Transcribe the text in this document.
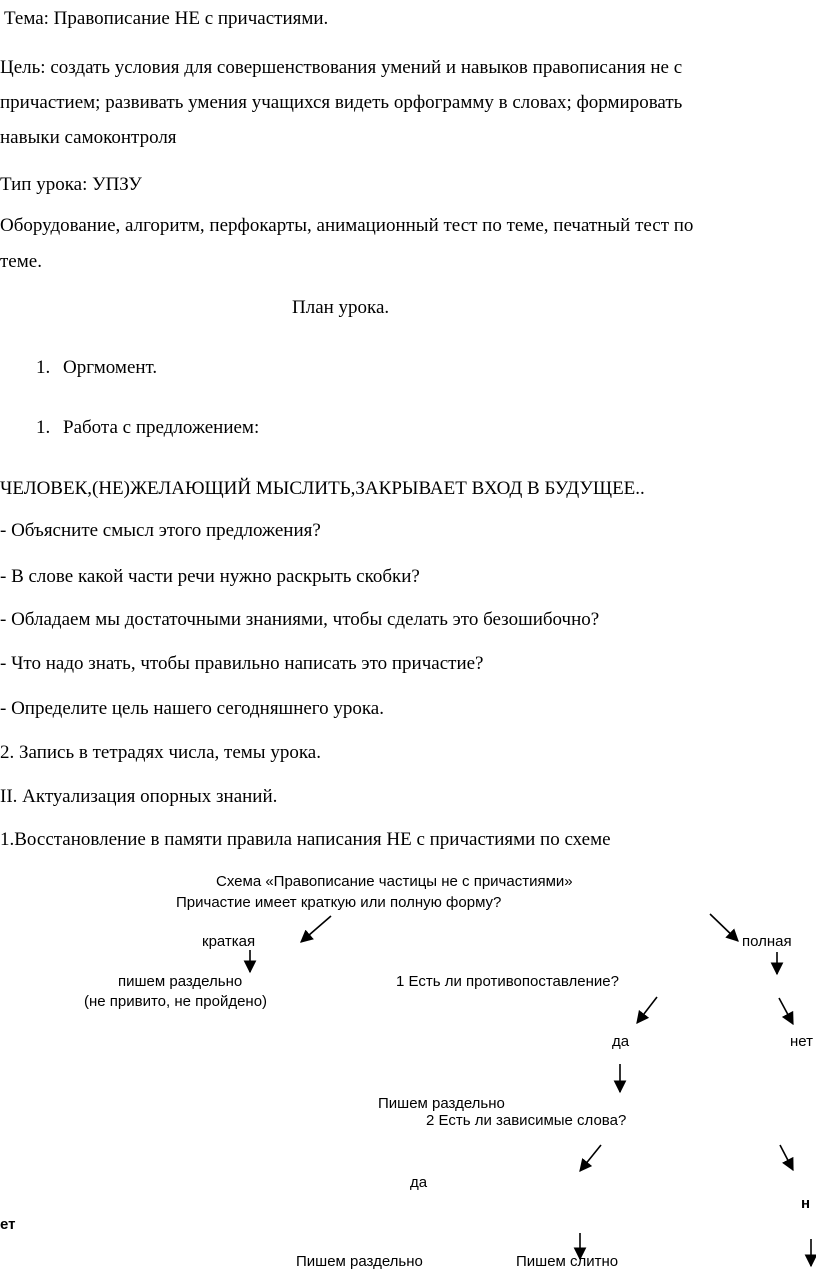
Тема: Правописание НЕ с причастиями.
Цель: создать условия для совершенствования умений и навыков правописания не с
причастием; развивать умения учащихся видеть орфограмму в словах; формировать
навыки самоконтроля
Тип урока: УПЗУ
Оборудование, алгоритм, перфокарты, анимационный тест по теме, печатный тест по
теме.
План урока.
1. Оргмомент.
1. Работа с предложением:
ЧЕЛОВЕК,(НЕ)ЖЕЛАЮЩИЙ МЫСЛИТЬ,ЗАКРЫВАЕТ ВХОД В БУДУЩЕЕ..
- Объясните смысл этого предложения?
- В слове какой части речи нужно раскрыть скобки?
- Обладаем мы достаточными знаниями, чтобы сделать это безошибочно?
- Что надо знать, чтобы правильно написать это причастие?
- Определите цель нашего сегодняшнего урока.
2. Запись в тетрадях числа, темы урока.
II. Актуализация опорных знаний.
1.Восстановление в памяти правила написания НЕ с причастиями по схеме
Схема «Правописание частицы не с причастиями»
Причастие имеет краткую или полную форму?
краткая	полная
пишем раздельно
(не привито, не пройдено)
1 Есть ли противопоставление?
да	нет
Пишем раздельно
2 Есть ли зависимые слова?
да
н
ет
Пишем раздельно	Пишем слитно
